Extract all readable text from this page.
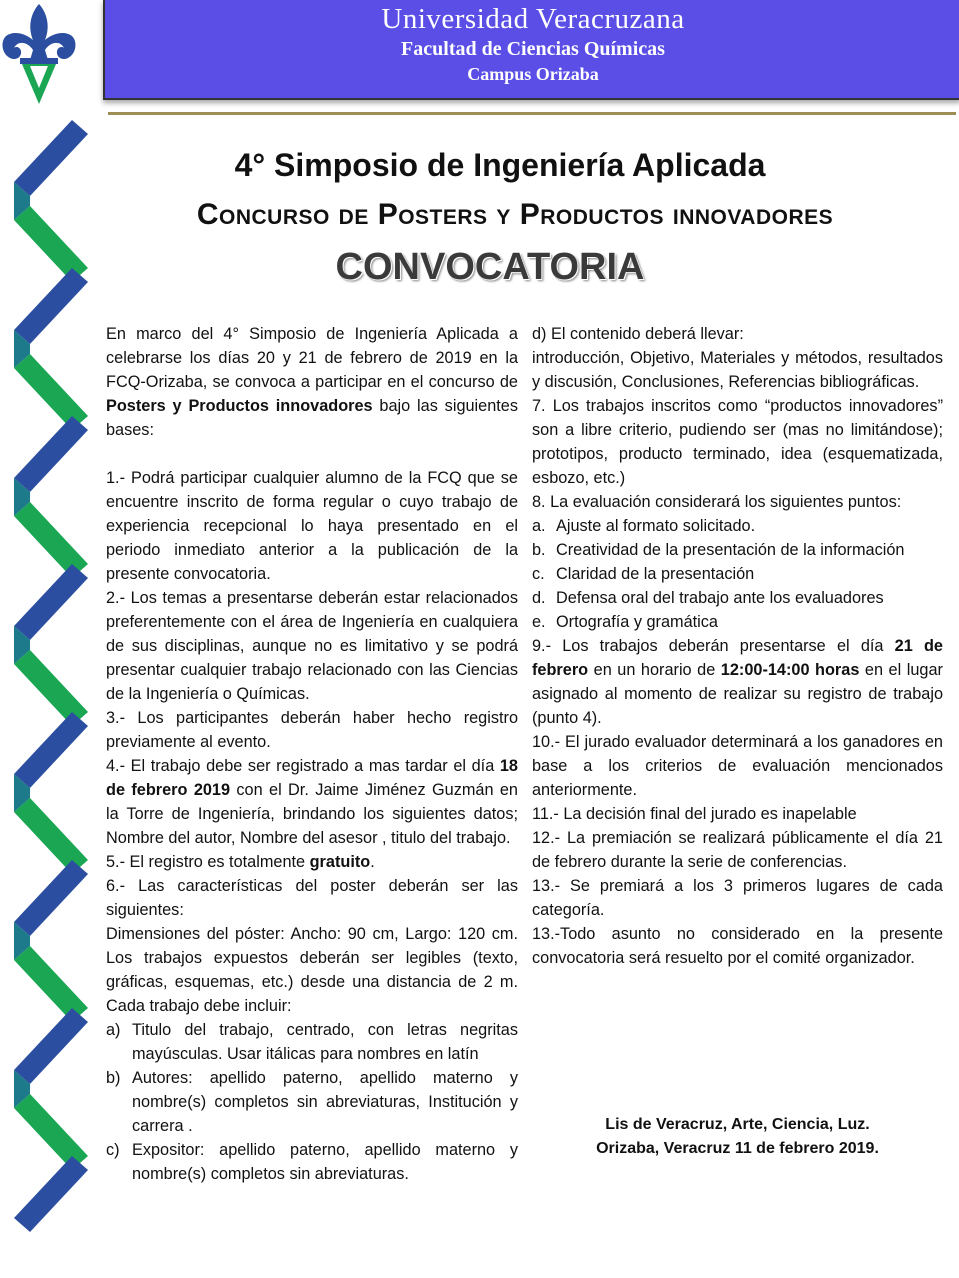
Universidad Veracruzana
Facultad de Ciencias Químicas
Campus Orizaba
4° Simposio de Ingeniería Aplicada
Concurso de Posters y Productos innovadores
CONVOCATORIA

En marco del 4° Simposio de Ingeniería Aplicada a celebrarse los días 20 y 21 de febrero de 2019 en la FCQ-Orizaba, se convoca a participar en el concurso de Posters y Productos innovadores bajo las siguientes bases:

1.- Podrá participar cualquier alumno de la FCQ que se encuentre inscrito de forma regular o cuyo trabajo de experiencia recepcional lo haya presentado en el periodo inmediato anterior a la publicación de la presente convocatoria.

2.- Los temas a presentarse deberán estar relacionados preferentemente con el área de Ingeniería en cualquiera de sus disciplinas, aunque no es limitativo y se podrá presentar cualquier trabajo relacionado con las Ciencias de la Ingeniería o Químicas.

3.- Los participantes deberán haber hecho registro previamente al evento.

4.- El trabajo debe ser registrado a mas tardar el día 18 de febrero 2019 con el Dr. Jaime Jiménez Guzmán en la Torre de Ingeniería, brindando los siguientes datos; Nombre del autor, Nombre del asesor , titulo del trabajo.

5.- El registro es totalmente gratuito.

6.- Las características del poster deberán ser las siguientes:

Dimensiones del póster: Ancho: 90 cm, Largo: 120 cm. Los trabajos expuestos deberán ser legibles (texto, gráficas, esquemas, etc.) desde una distancia de 2 m. Cada trabajo debe incluir:

a) Titulo del trabajo, centrado, con letras negritas mayúsculas. Usar itálicas para nombres en latín
b) Autores: apellido paterno, apellido materno y nombre(s) completos sin abreviaturas, Institución y carrera .
c) Expositor: apellido paterno, apellido materno y nombre(s) completos sin abreviaturas.

d) El contenido deberá llevar:

introducción, Objetivo, Materiales y métodos, resultados y discusión, Conclusiones, Referencias bibliográficas.

7. Los trabajos inscritos como “productos innovadores” son a libre criterio, pudiendo ser (mas no limitándose); prototipos, producto terminado, idea (esquematizada, esbozo, etc.)

8. La evaluación considerará los siguientes puntos:

a. Ajuste al formato solicitado.
b. Creatividad de la presentación de la información
c. Claridad de la presentación
d. Defensa oral del trabajo ante los evaluadores
e. Ortografía y gramática

9.- Los trabajos deberán presentarse el día 21 de febrero en un horario de 12:00-14:00 horas en el lugar asignado al momento de realizar su registro de trabajo (punto 4).

10.- El jurado evaluador determinará a los ganadores en base a los criterios de evaluación mencionados anteriormente.

11.- La decisión final del jurado es inapelable

12.- La premiación se realizará públicamente el día 21 de febrero durante la serie de conferencias.

13.- Se premiará a los 3 primeros lugares de cada categoría.

13.-Todo asunto no considerado en la presente convocatoria será resuelto por el comité organizador.

Lis de Veracruz, Arte, Ciencia, Luz.
Orizaba, Veracruz 11 de febrero 2019.
